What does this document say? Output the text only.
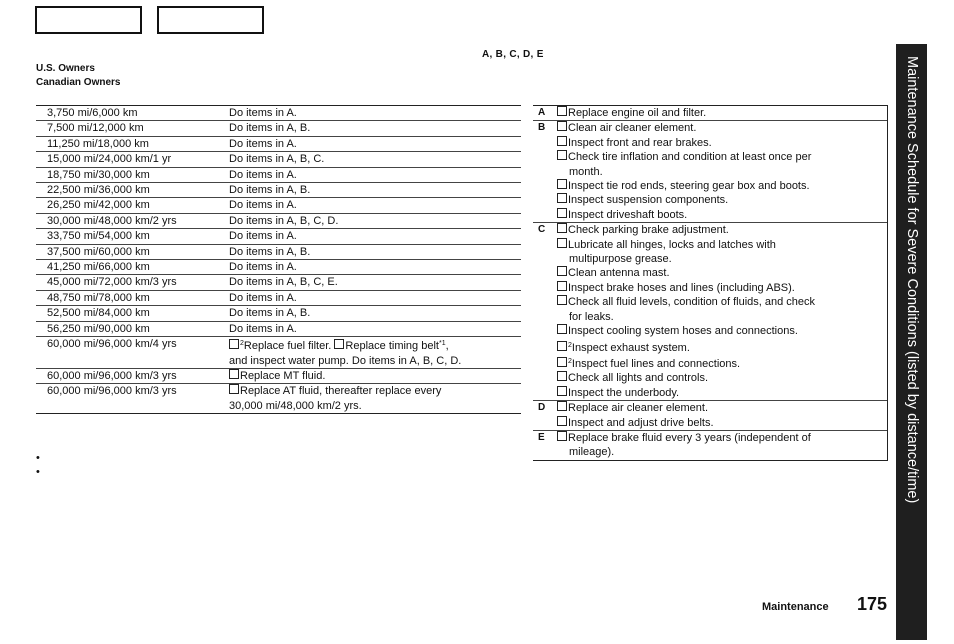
U.S. Owners
Canadian Owners
A, B, C, D, E
3,750 mi/6,000 km	Do items in A.
7,500 mi/12,000 km	Do items in A, B.
11,250 mi/18,000 km	Do items in A.
15,000 mi/24,000 km/1 yr	Do items in A, B, C.
18,750 mi/30,000 km	Do items in A.
22,500 mi/36,000 km	Do items in A, B.
26,250 mi/42,000 km	Do items in A.
30,000 mi/48,000 km/2 yrs	Do items in A, B, C, D.
33,750 mi/54,000 km	Do items in A.
37,500 mi/60,000 km	Do items in A, B.
41,250 mi/66,000 km	Do items in A.
45,000 mi/72,000 km/3 yrs	Do items in A, B, C, E.
48,750 mi/78,000 km	Do items in A.
52,500 mi/84,000 km	Do items in A, B.
56,250 mi/90,000 km	Do items in A.
60,000 mi/96,000 km/4 yrs	$^2$Replace fuel filter. Replace timing belt$^{*1}$,
and inspect water pump. Do items in A, B, C, D.
60,000 mi/96,000 km/3 yrs	Replace MT fluid.
60,000 mi/96,000 km/3 yrs	Replace AT fluid, thereafter replace every
30,000 mi/48,000 km/2 yrs.
A	Replace engine oil and filter.
B	Clean air cleaner element.
Inspect front and rear brakes.
Check tire inflation and condition at least once per
month.
Inspect tie rod ends, steering gear box and boots.
Inspect suspension components.
Inspect driveshaft boots.
C	Check parking brake adjustment.
Lubricate all hinges, locks and latches with
multipurpose grease.
Clean antenna mast.
Inspect brake hoses and lines (including ABS).
Check all fluid levels, condition of fluids, and check
for leaks.
Inspect cooling system hoses and connections.
$^2$Inspect exhaust system.
$^2$Inspect fuel lines and connections.
Check all lights and controls.
Inspect the underbody.
D	Replace air cleaner element.
Inspect and adjust drive belts.
E	Replace brake fluid every 3 years (independent of
mileage).
•
•	Maintenance Schedule for Severe Conditions (listed by distance/time)
Maintenance 175
